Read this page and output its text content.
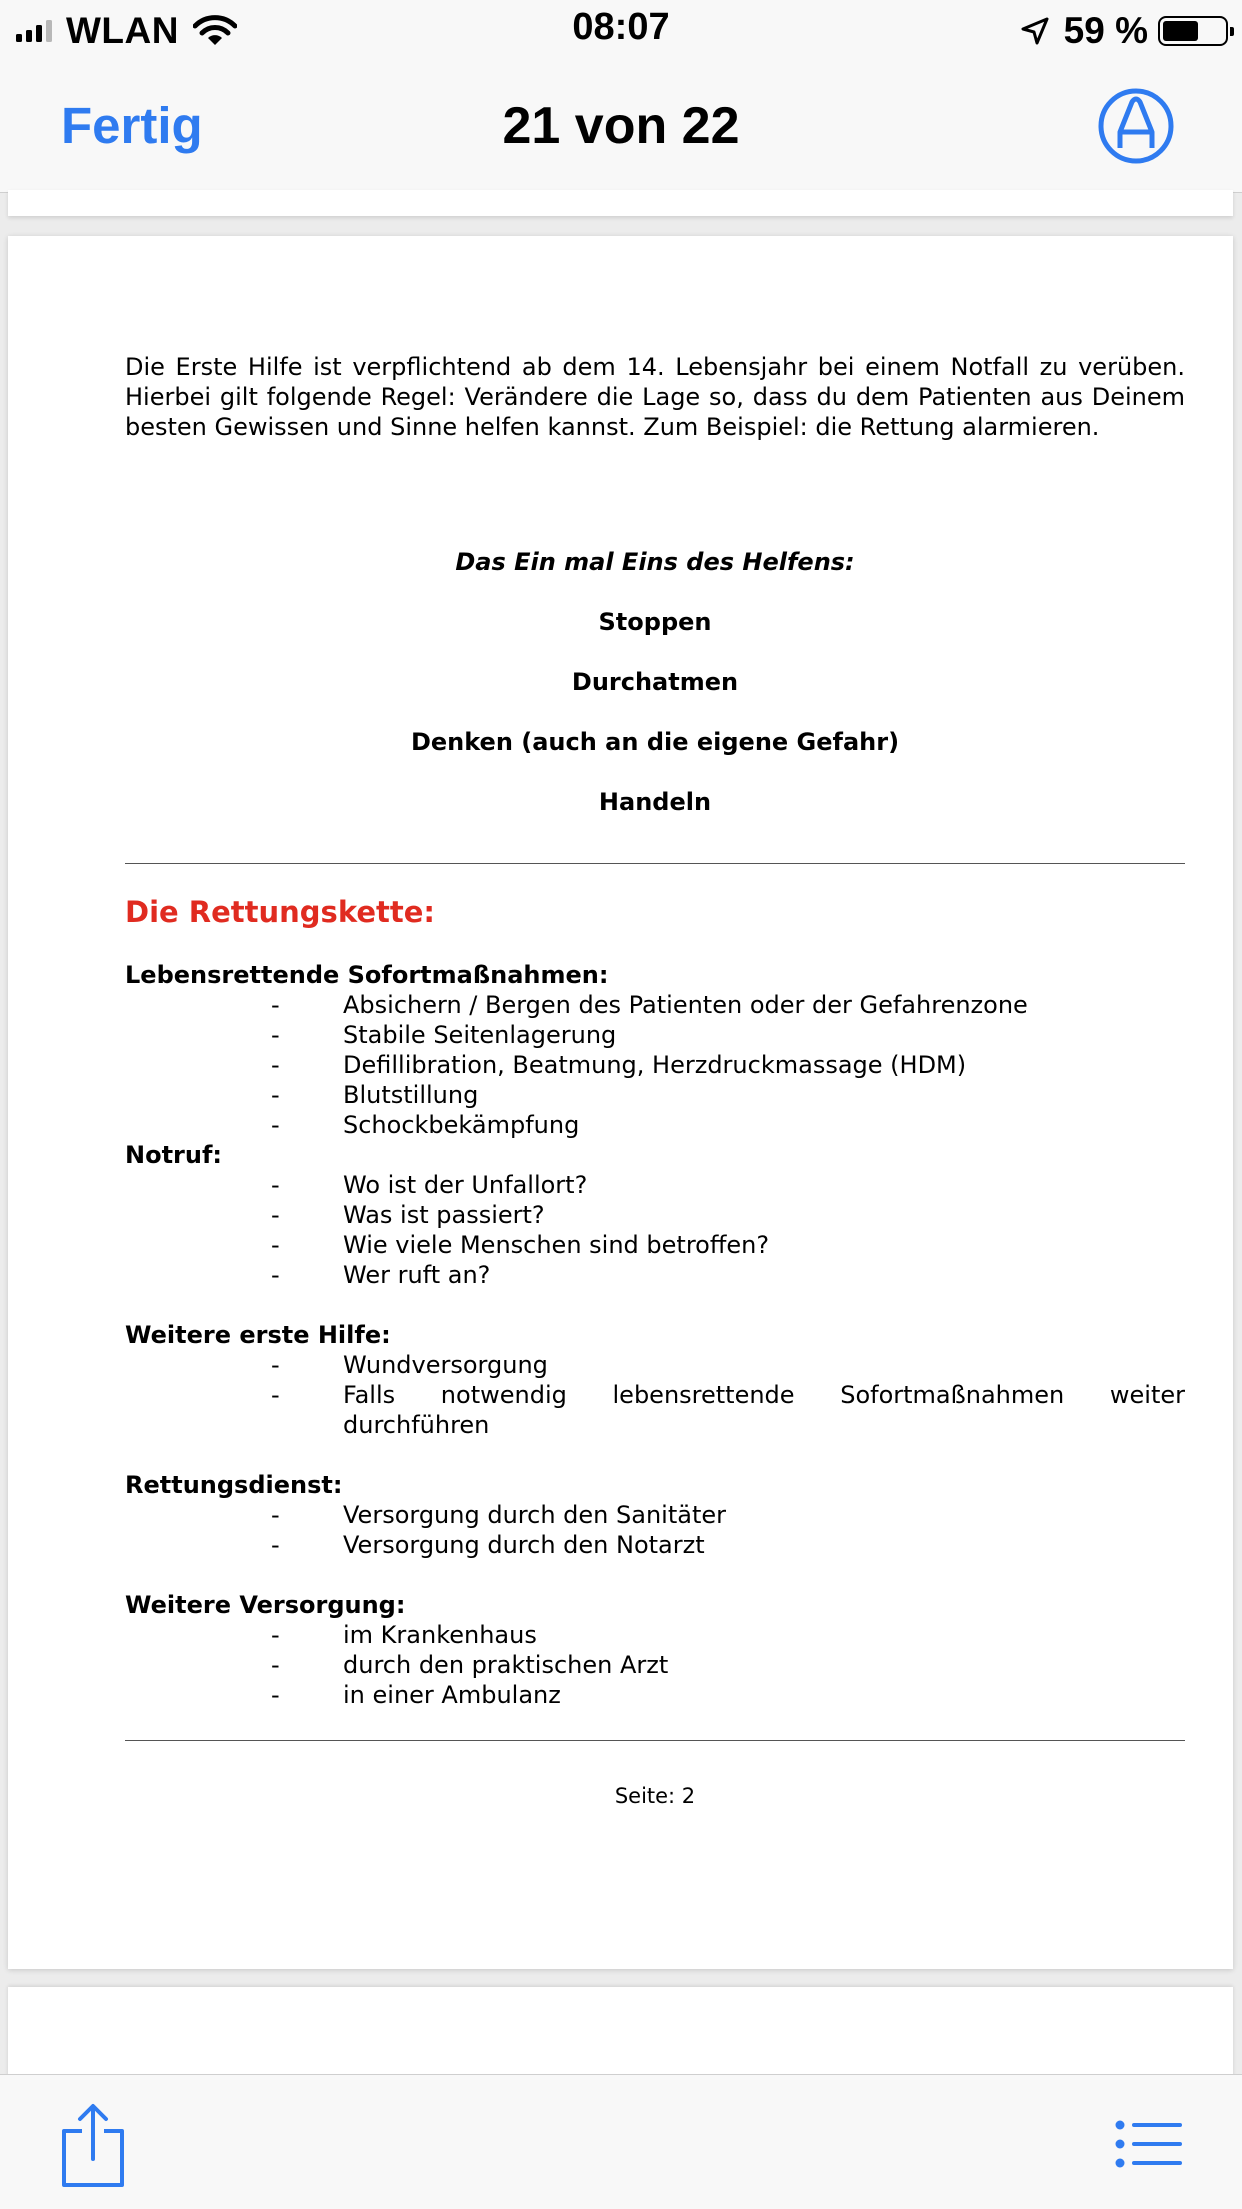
WLAN	08:07	59 %
Fertig	21 von 22

Die Erste Hilfe ist verpflichtend ab dem 14. Lebensjahr bei einem Notfall zu verüben. Hierbei gilt folgende Regel: Verändere die Lage so, dass du dem Patienten aus Deinem besten Gewissen und Sinne helfen kannst. Zum Beispiel: die Rettung alarmieren.

Das Ein mal Eins des Helfens:
Stoppen
Durchatmen
Denken (auch an die eigene Gefahr)
Handeln
Die Rettungskette:
Lebensrettende Sofortmaßnahmen:
-	Absichern / Bergen des Patienten oder der Gefahrenzone
-	Stabile Seitenlagerung
-	Defillibration, Beatmung, Herzdruckmassage (HDM)
-	Blutstillung
-	Schockbekämpfung
Notruf:
-	Wo ist der Unfallort?
-	Was ist passiert?
-	Wie viele Menschen sind betroffen?
-	Wer ruft an?
Weitere erste Hilfe:
-	Wundversorgung
-	Falls notwendig lebensrettende Sofortmaßnahmen weiter durchführen
Rettungsdienst:
-	Versorgung durch den Sanitäter
-	Versorgung durch den Notarzt
Weitere Versorgung:
-	im Krankenhaus
-	durch den praktischen Arzt
-	in einer Ambulanz
Seite: 2
